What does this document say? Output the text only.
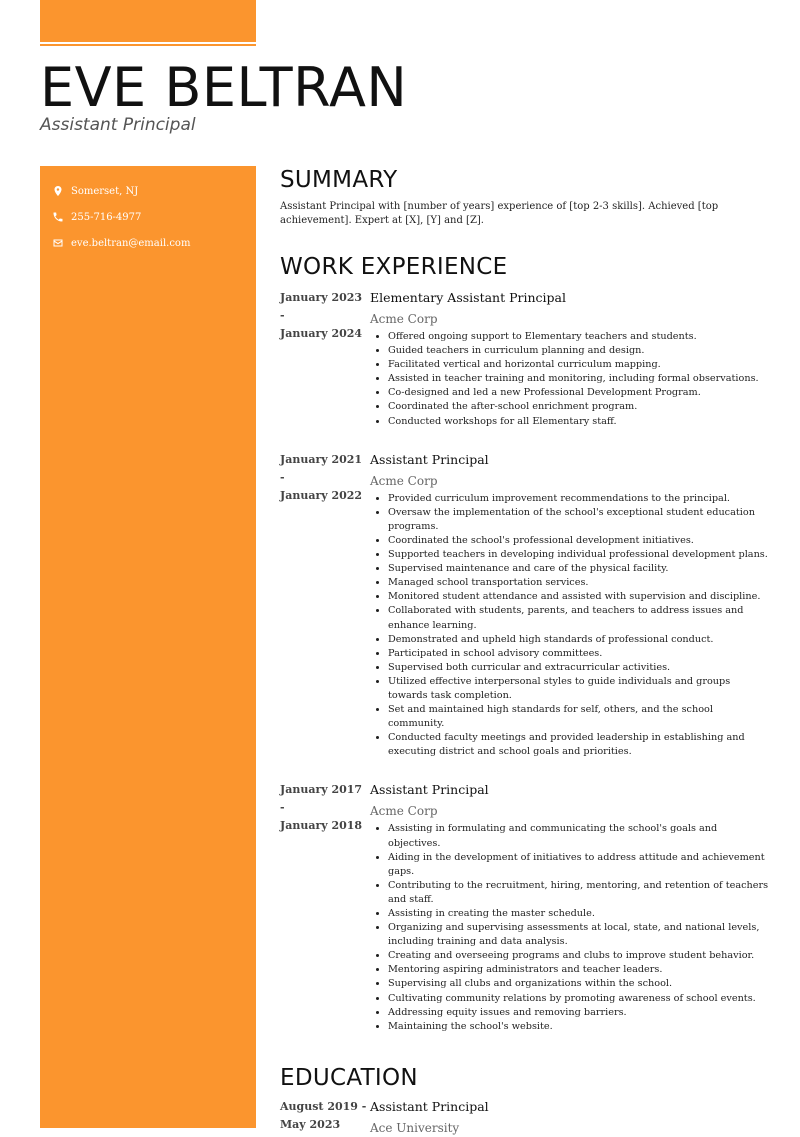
EVE BELTRAN
Assistant Principal
Somerset, NJ
255-716-4977
eve.beltran@email.com
SUMMARY

Assistant Principal with [number of years] experience of [top 2-3 skills]. Achieved [top achievement]. Expert at [X], [Y] and [Z].

WORK EXPERIENCE
January 2023
-
January 2024
Elementary Assistant Principal
Acme Corp
• Offered ongoing support to Elementary teachers and students.
• Guided teachers in curriculum planning and design.
• Facilitated vertical and horizontal curriculum mapping.
• Assisted in teacher training and monitoring, including formal observations.
• Co-designed and led a new Professional Development Program.
• Coordinated the after-school enrichment program.
• Conducted workshops for all Elementary staff.
January 2021
-
January 2022
Assistant Principal
Acme Corp
• Provided curriculum improvement recommendations to the principal.
• Oversaw the implementation of the school's exceptional student education programs.
• Coordinated the school's professional development initiatives.
• Supported teachers in developing individual professional development plans.
• Supervised maintenance and care of the physical facility.
• Managed school transportation services.
• Monitored student attendance and assisted with supervision and discipline.
• Collaborated with students, parents, and teachers to address issues and enhance learning.
• Demonstrated and upheld high standards of professional conduct.
• Participated in school advisory committees.
• Supervised both curricular and extracurricular activities.
• Utilized effective interpersonal styles to guide individuals and groups towards task completion.
• Set and maintained high standards for self, others, and the school community.
• Conducted faculty meetings and provided leadership in establishing and executing district and school goals and priorities.
January 2017
-
January 2018
Assistant Principal
Acme Corp
• Assisting in formulating and communicating the school's goals and objectives.
• Aiding in the development of initiatives to address attitude and achievement gaps.
• Contributing to the recruitment, hiring, mentoring, and retention of teachers and staff.
• Assisting in creating the master schedule.
• Organizing and supervising assessments at local, state, and national levels, including training and data analysis.
• Creating and overseeing programs and clubs to improve student behavior.
• Mentoring aspiring administrators and teacher leaders.
• Supervising all clubs and organizations within the school.
• Cultivating community relations by promoting awareness of school events.
• Addressing equity issues and removing barriers.
• Maintaining the school's website.
EDUCATION
August 2019 - May 2023
Assistant Principal
Ace University
